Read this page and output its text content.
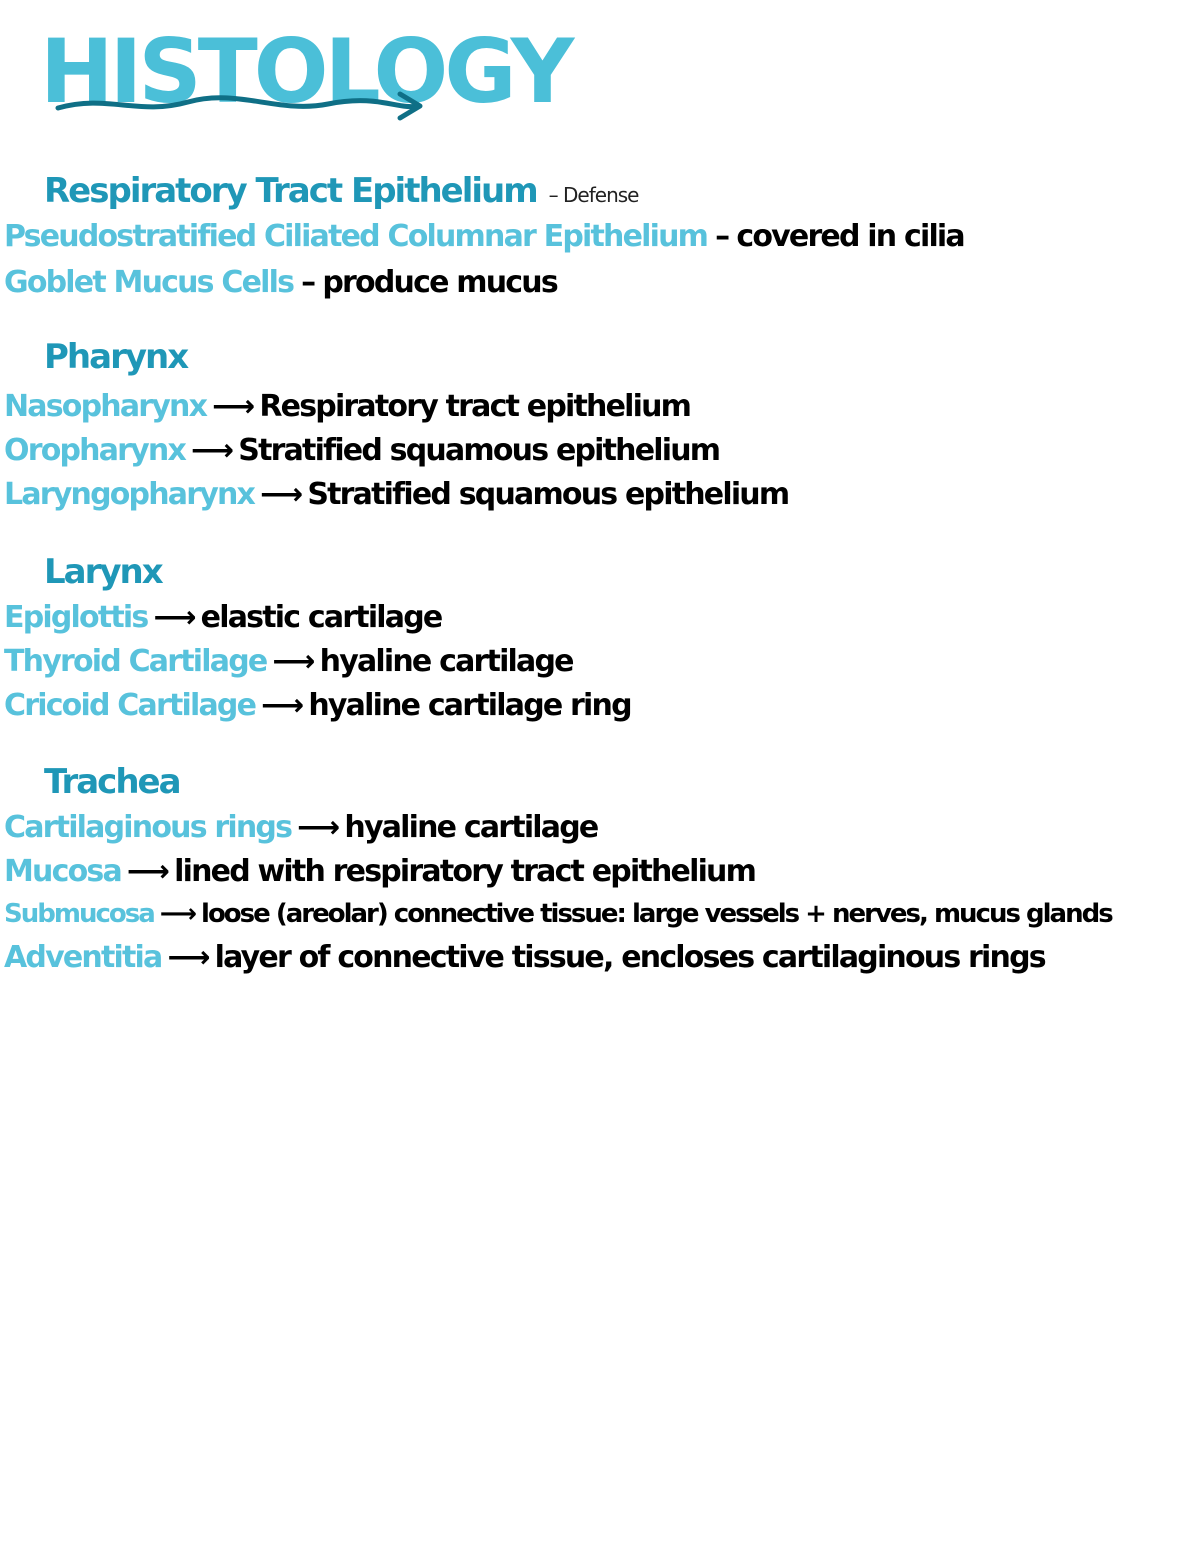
HISTOLOGY
Respiratory Tract Epithelium – Defense
Pseudostratified Ciliated Columnar Epithelium – covered in cilia
Goblet Mucus Cells – produce mucus
Pharynx
Nasopharynx ⟶ Respiratory tract epithelium
Oropharynx ⟶ Stratified squamous epithelium
Laryngopharynx ⟶ Stratified squamous epithelium
Larynx
Epiglottis ⟶ elastic cartilage
Thyroid Cartilage ⟶ hyaline cartilage
Cricoid Cartilage ⟶ hyaline cartilage ring
Trachea
Cartilaginous rings ⟶ hyaline cartilage
Mucosa ⟶ lined with respiratory tract epithelium
Submucosa ⟶ loose (areolar) connective tissue: large vessels + nerves, mucus glands
Adventitia ⟶ layer of connective tissue, encloses cartilaginous rings
